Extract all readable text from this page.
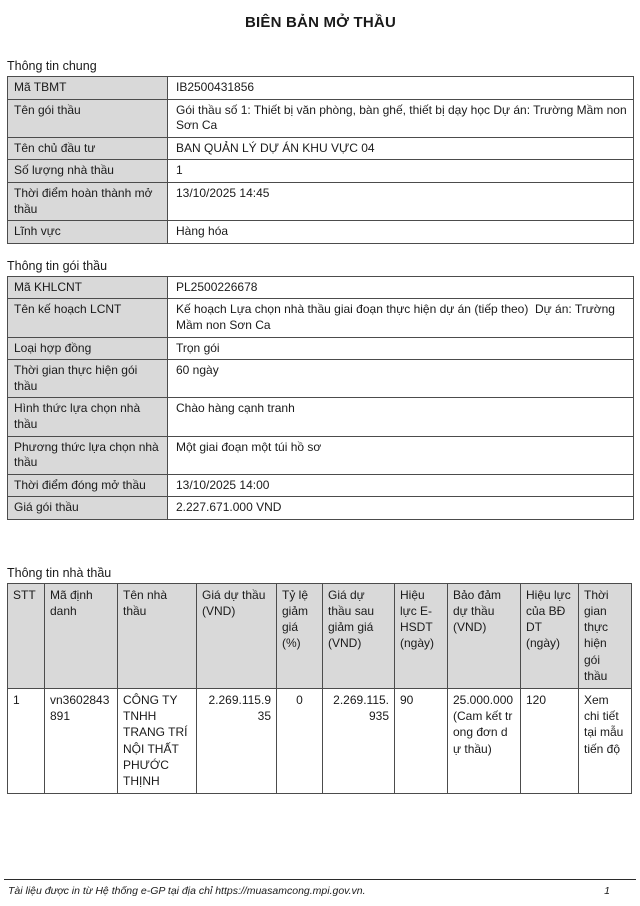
BIÊN BẢN MỞ THẦU
Thông tin chung
Mã TBMT	IB2500431856
Tên gói thầu	Gói thầu số 1: Thiết bị văn phòng, bàn ghế, thiết bị dạy học Dự án: Trường Mầm non Sơn Ca
Tên chủ đầu tư	BAN QUẢN LÝ DỰ ÁN KHU VỰC 04
Số lượng nhà thầu	1
Thời điểm hoàn thành mở thầu	13/10/2025 14:45
Lĩnh vực	Hàng hóa
Thông tin gói thầu
Mã KHLCNT	PL2500226678
Tên kế hoạch LCNT	Kế hoạch Lựa chọn nhà thầu giai đoạn thực hiện dự án (tiếp theo)  Dự án: Trường Mầm non Sơn Ca
Loại hợp đồng	Trọn gói
Thời gian thực hiện gói thầu	60 ngày
Hình thức lựa chọn nhà thầu	Chào hàng cạnh tranh
Phương thức lựa chọn nhà thầu	Một giai đoạn một túi hồ sơ
Thời điểm đóng mở thầu	13/10/2025 14:00
Giá gói thầu	2.227.671.000 VND
Thông tin nhà thầu
STT	Mã định danh	Tên nhà thầu	Giá dự thầu (VND)	Tỷ lệ giảm giá (%)	Giá dự thầu sau giảm giá (VND)	Hiệu lực E-HSDT (ngày)	Bảo đảm dự thầu (VND)	Hiệu lực của BĐ DT (ngày)	Thời gian thực hiện gói thầu
1	vn3602843891	CÔNG TY TNHH TRANG TRÍ NỘI THẤT PHƯỚC THỊNH	2.269.115.935	0	2.269.115.935	90	25.000.000 (Cam kết trong đơn dự thầu)	120	Xem chi tiết tại mẫu tiến độ
Tài liệu được in từ Hệ thống e-GP tại địa chỉ https://muasamcong.mpi.gov.vn.	1
